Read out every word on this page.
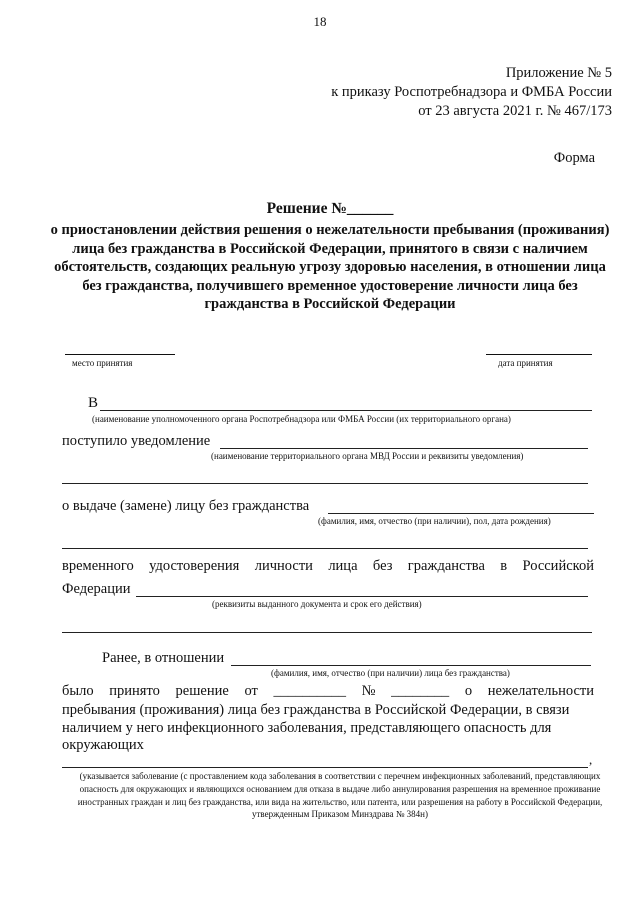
18
Приложение № 5
к приказу Роспотребнадзора и ФМБА России
от 23 августа 2021 г. № 467/173
Форма
Решение №______
о приостановлении действия решения о нежелательности пребывания (проживания) лица без гражданства в Российской Федерации, принятого в связи с наличием обстоятельств, создающих реальную угрозу здоровью населения, в отношении лица без гражданства, получившего временное удостоверение личности лица без гражданства в Российской Федерации
место принятия	дата принятия
В
(наименование уполномоченного органа Роспотребнадзора или ФМБА России (их территориального органа)
поступило уведомление
(наименование территориального органа МВД России и реквизиты уведомления)
о выдаче (замене) лицу без гражданства
(фамилия, имя, отчество (при наличии), пол, дата рождения)
временного удостоверения личности лица без гражданства в Российской
Федерации
(реквизиты выданного документа и срок его действия)
Ранее, в отношении
(фамилия, имя, отчество (при наличии) лица без гражданства)
было принято решение от __________ № ________ о нежелательности
пребывания (проживания) лица без гражданства в Российской Федерации, в связи
наличием у него инфекционного заболевания, представляющего опасность для
окружающих
,
(указывается заболевание (с проставлением кода заболевания в соответствии с перечнем инфекционных заболеваний, представляющих опасность для окружающих и являющихся основанием для отказа в выдаче либо аннулирования разрешения на временное проживание иностранных граждан и лиц без гражданства, или вида на жительство, или патента, или разрешения на работу в Российской Федерации, утвержденным Приказом Минздрава № 384н)
